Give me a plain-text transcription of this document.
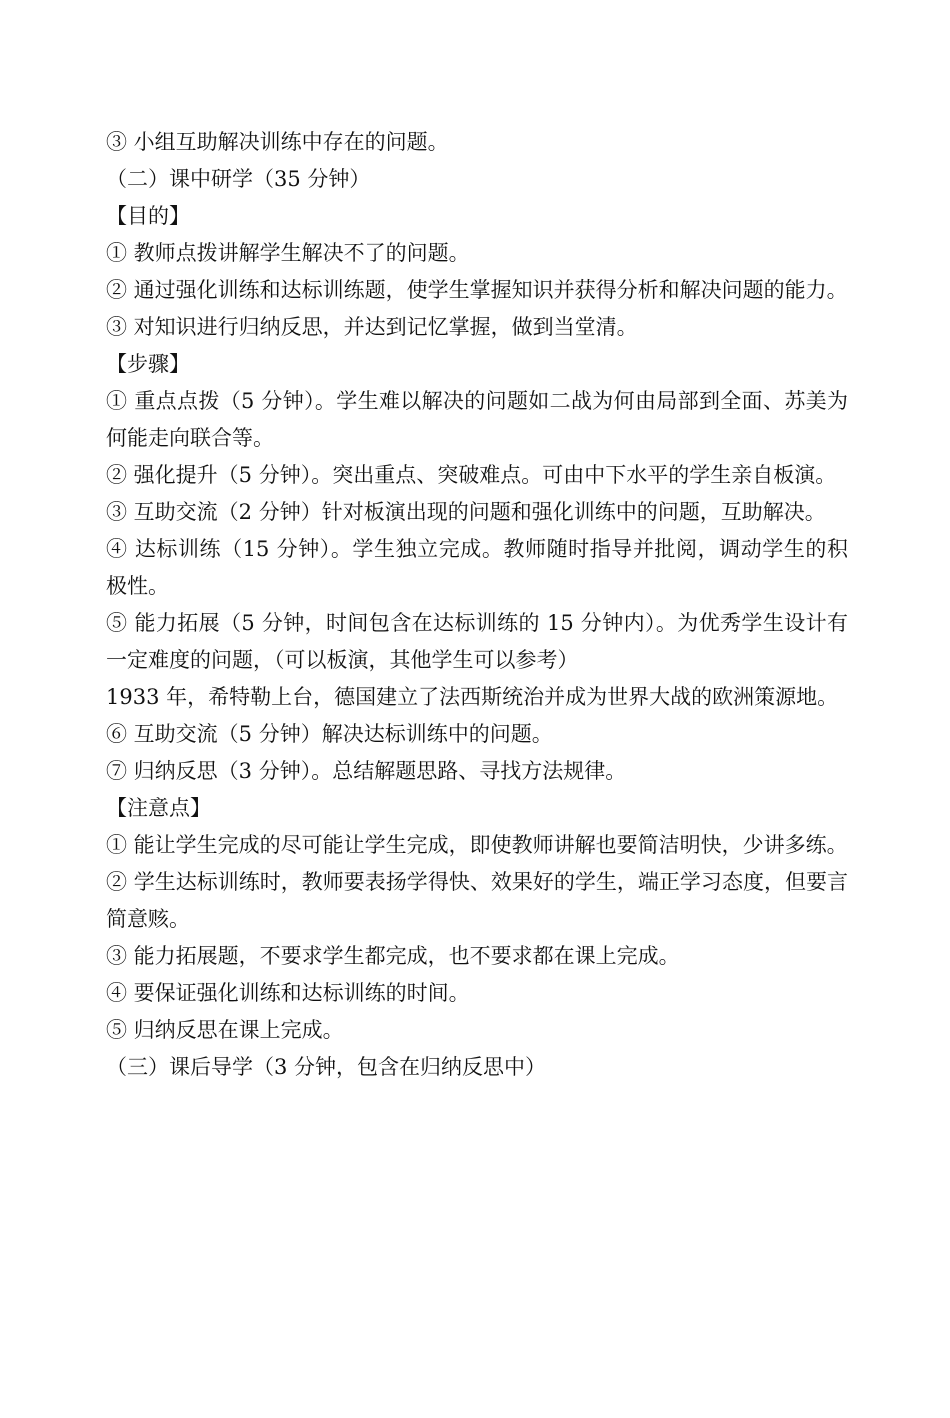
③ 小组互助解决训练中存在的问题。

（二）课中研学（35 分钟）

【目的】

① 教师点拨讲解学生解决不了的问题。

② 通过强化训练和达标训练题，使学生掌握知识并获得分析和解决问题的能力。

③ 对知识进行归纳反思，并达到记忆掌握，做到当堂清。

【步骤】

① 重点点拨（5 分钟）。学生难以解决的问题如二战为何由局部到全面、苏美为何能走向联合等。

② 强化提升（5 分钟）。突出重点、突破难点。可由中下水平的学生亲自板演。

③ 互助交流（2 分钟）针对板演出现的问题和强化训练中的问题，互助解决。

④ 达标训练（15 分钟）。学生独立完成。教师随时指导并批阅，调动学生的积极性。

⑤ 能力拓展（5 分钟，时间包含在达标训练的 15 分钟内）。为优秀学生设计有一定难度的问题，（可以板演，其他学生可以参考）

1933 年，希特勒上台，德国建立了法西斯统治并成为世界大战的欧洲策源地。

⑥ 互助交流（5 分钟）解决达标训练中的问题。

⑦ 归纳反思（3 分钟）。总结解题思路、寻找方法规律。

【注意点】

① 能让学生完成的尽可能让学生完成，即使教师讲解也要简洁明快，少讲多练。

② 学生达标训练时，教师要表扬学得快、效果好的学生，端正学习态度，但要言简意赅。

③ 能力拓展题，不要求学生都完成，也不要求都在课上完成。

④ 要保证强化训练和达标训练的时间。

⑤ 归纳反思在课上完成。

（三）课后导学（3 分钟，包含在归纳反思中）
